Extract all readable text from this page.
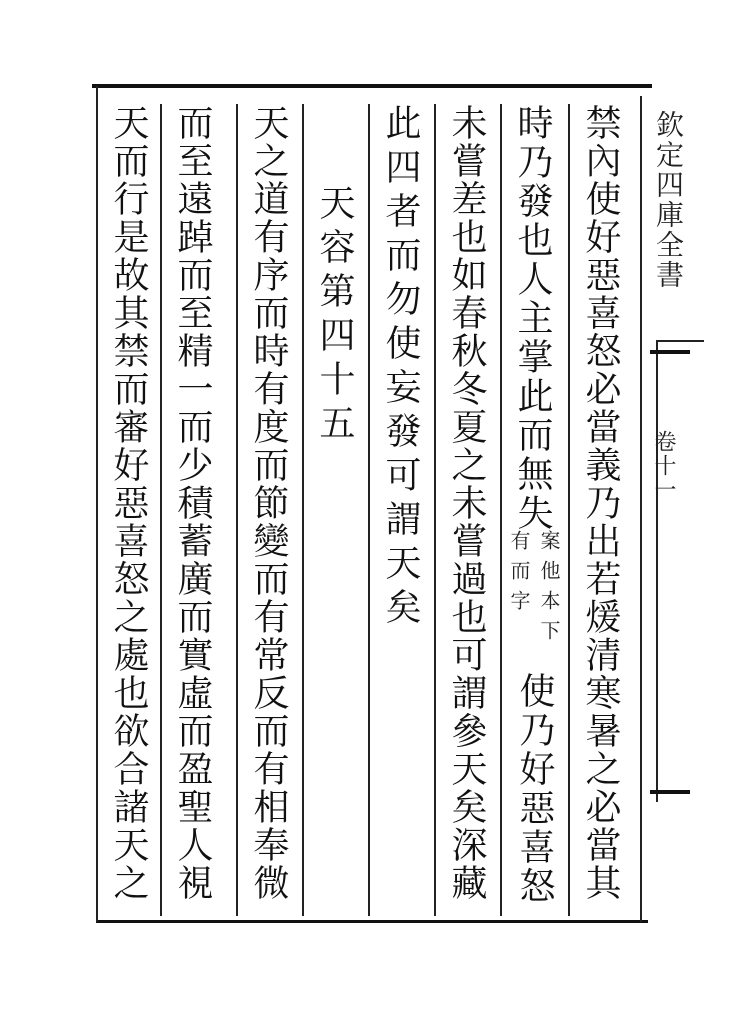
欽定四庫全書
卷十一
禁內使好惡喜怒必當義乃出若煖清寒暑之必當其
時乃發也人主掌此而無失
案他本下有而字
使乃好惡喜怒
未嘗差也如春秋冬夏之未嘗過也可謂參天矣深藏
此四者而勿使妄發可謂天矣
天容第四十五
天之道有序而時有度而節變而有常反而有相奉微
而至遠踔而至精一而少積蓄廣而實虛而盈聖人視
天而行是故其禁而審好惡喜怒之處也欲合諸天之
